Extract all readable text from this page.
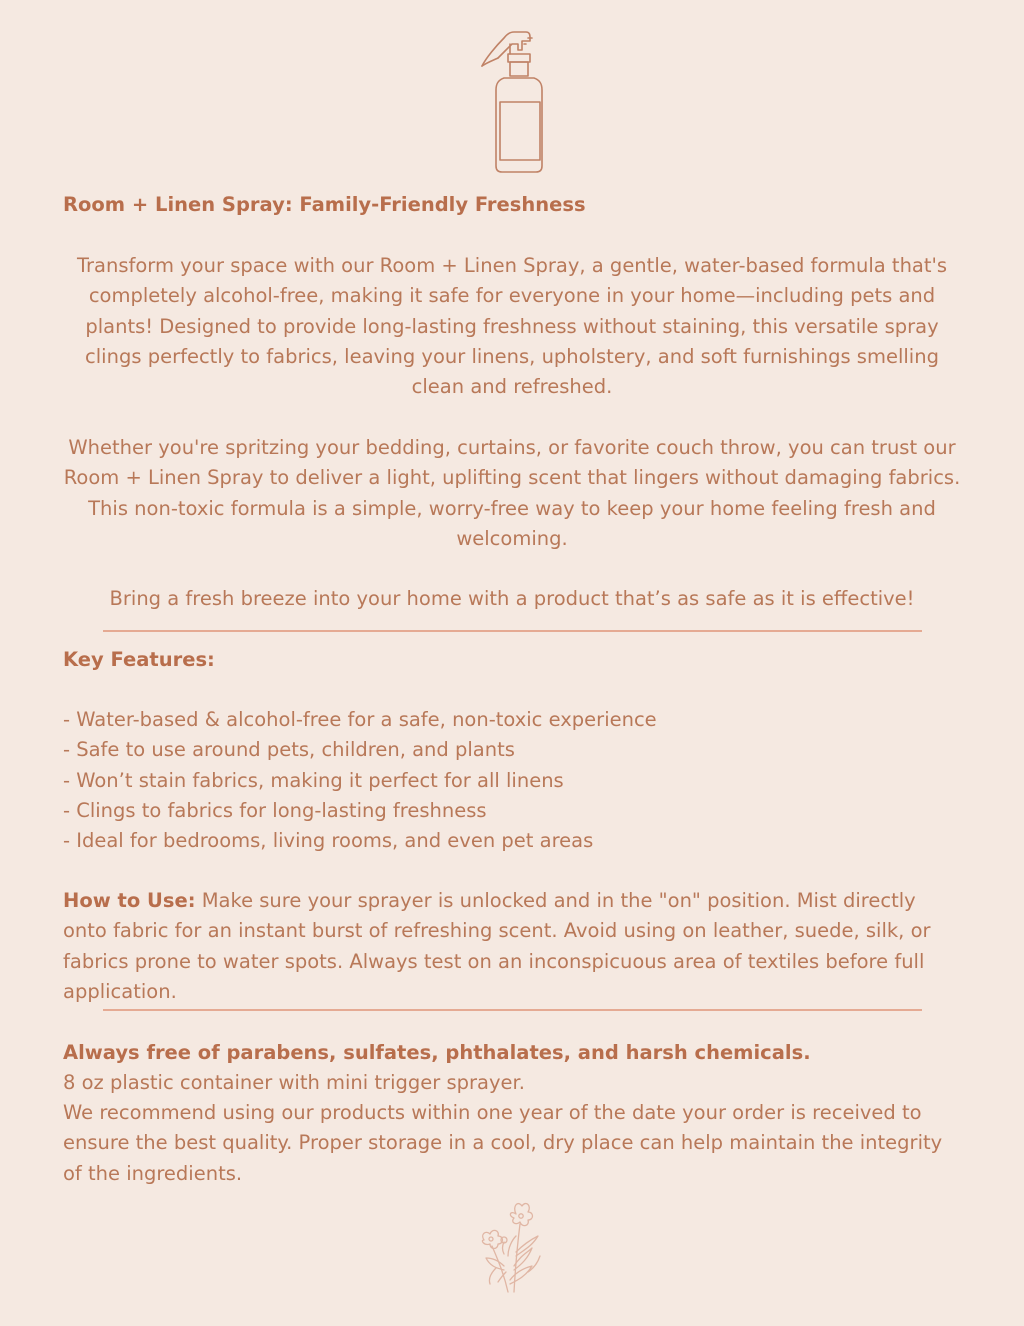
Room + Linen Spray: Family-Friendly Freshness

Transform your space with our Room + Linen Spray, a gentle, water-based formula that's completely alcohol-free, making it safe for everyone in your home—including pets and plants! Designed to provide long-lasting freshness without staining, this versatile spray clings perfectly to fabrics, leaving your linens, upholstery, and soft furnishings smelling clean and refreshed.

Whether you're spritzing your bedding, curtains, or favorite couch throw, you can trust our Room + Linen Spray to deliver a light, uplifting scent that lingers without damaging fabrics. This non-toxic formula is a simple, worry-free way to keep your home feeling fresh and welcoming.

Bring a fresh breeze into your home with a product that’s as safe as it is effective!

Key Features:

- Water-based & alcohol-free for a safe, non-toxic experience
- Safe to use around pets, children, and plants
- Won’t stain fabrics, making it perfect for all linens
- Clings to fabrics for long-lasting freshness
- Ideal for bedrooms, living rooms, and even pet areas

How to Use: Make sure your sprayer is unlocked and in the "on" position. Mist directly onto fabric for an instant burst of refreshing scent. Avoid using on leather, suede, silk, or fabrics prone to water spots. Always test on an inconspicuous area of textiles before full application.

Always free of parabens, sulfates, phthalates, and harsh chemicals.

8 oz plastic container with mini trigger sprayer.

We recommend using our products within one year of the date your order is received to ensure the best quality. Proper storage in a cool, dry place can help maintain the integrity of the ingredients.
